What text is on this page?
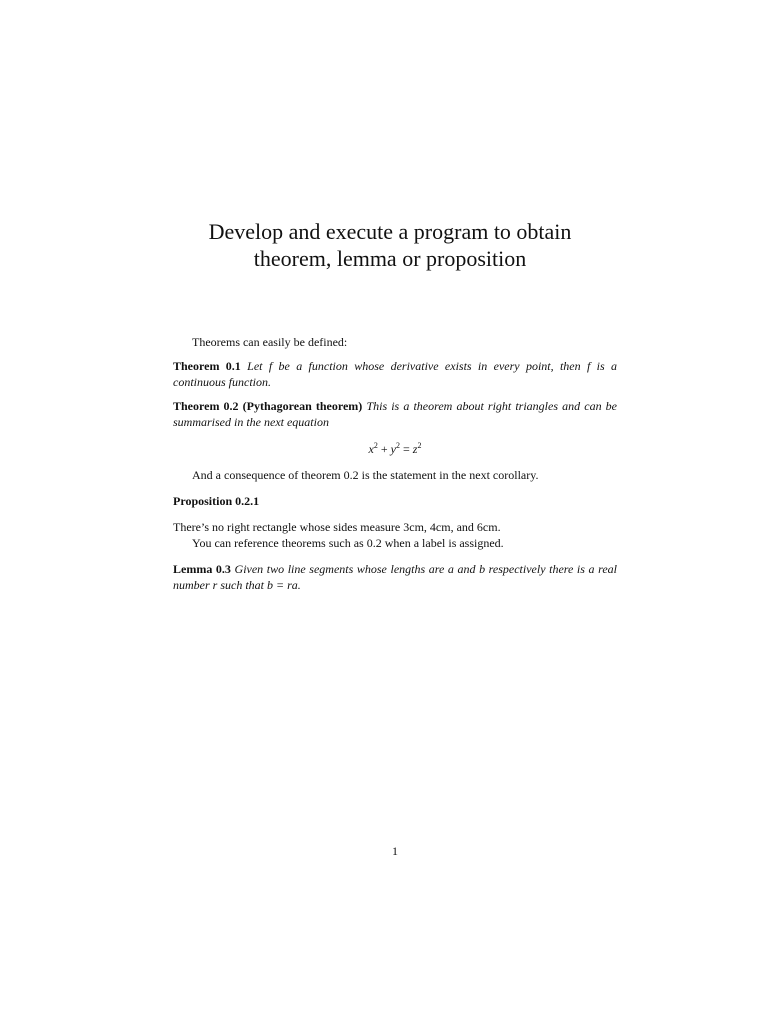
Develop and execute a program to obtain
theorem, lemma or proposition

Theorems can easily be defined:

Theorem 0.1 Let f be a function whose derivative exists in every point, then f is a continuous function.

Theorem 0.2 (Pythagorean theorem) This is a theorem about right triangles and can be summarised in the next equation

$x^2 + y^2 = z^2$

And a consequence of theorem 0.2 is the statement in the next corollary.

Proposition 0.2.1

There’s no right rectangle whose sides measure 3cm, 4cm, and 6cm.

You can reference theorems such as 0.2 when a label is assigned.

Lemma 0.3 Given two line segments whose lengths are a and b respectively there is a real number r such that b = ra.

1
